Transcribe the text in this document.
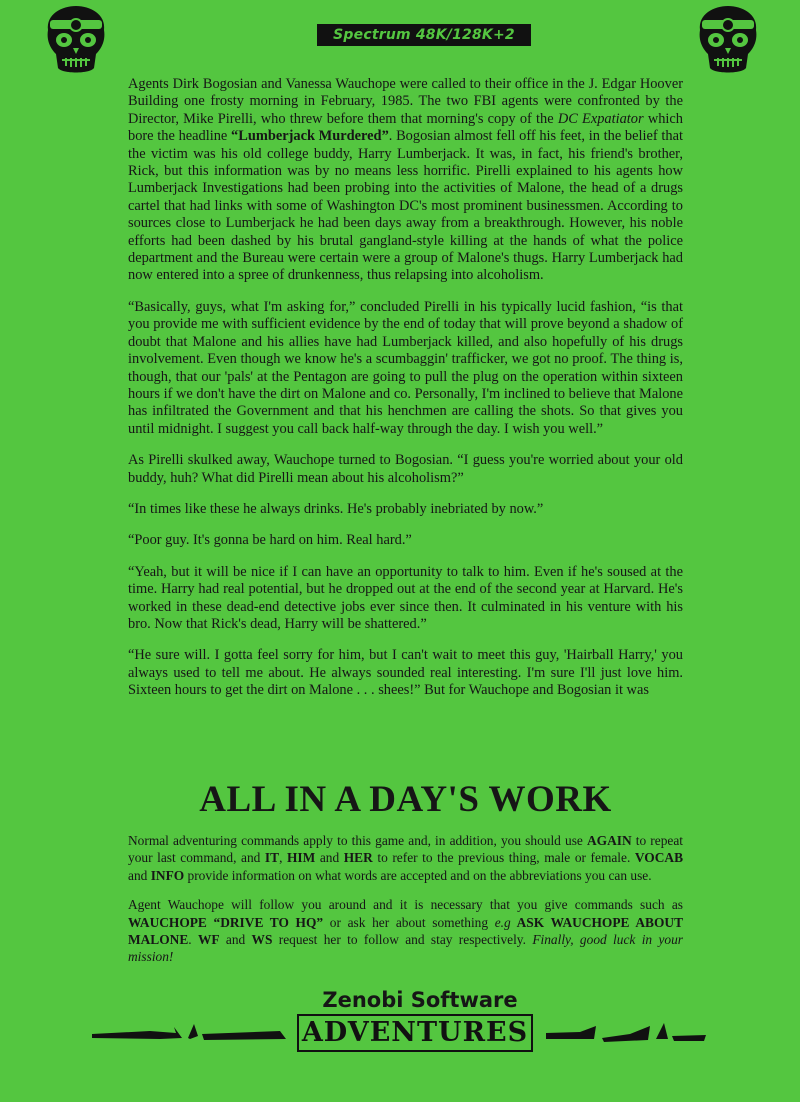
Spectrum 48K/128K+2

Agents Dirk Bogosian and Vanessa Wauchope were called to their office in the J. Edgar Hoover Building one frosty morning in February, 1985. The two FBI agents were confronted by the Director, Mike Pirelli, who threw before them that morning's copy of the DC Expatiator which bore the headline “Lumberjack Murdered”. Bogosian almost fell off his feet, in the belief that the victim was his old college buddy, Harry Lumberjack. It was, in fact, his friend's brother, Rick, but this information was by no means less horrific. Pirelli explained to his agents how Lumberjack Investigations had been probing into the activities of Malone, the head of a drugs cartel that had links with some of Washington DC's most prominent businessmen. According to sources close to Lumberjack he had been days away from a breakthrough. However, his noble efforts had been dashed by his brutal gangland-style killing at the hands of what the police department and the Bureau were certain were a group of Malone's thugs. Harry Lumberjack had now entered into a spree of drunkenness, thus relapsing into alcoholism.

“Basically, guys, what I'm asking for,” concluded Pirelli in his typically lucid fashion, “is that you provide me with sufficient evidence by the end of today that will prove beyond a shadow of doubt that Malone and his allies have had Lumberjack killed, and also hopefully of his drugs involvement. Even though we know he's a scumbaggin' trafficker, we got no proof. The thing is, though, that our 'pals' at the Pentagon are going to pull the plug on the operation within sixteen hours if we don't have the dirt on Malone and co. Personally, I'm inclined to believe that Malone has infiltrated the Government and that his henchmen are calling the shots. So that gives you until midnight. I suggest you call back half-way through the day. I wish you well.”

As Pirelli skulked away, Wauchope turned to Bogosian. “I guess you're worried about your old buddy, huh? What did Pirelli mean about his alcoholism?”

“In times like these he always drinks. He's probably inebriated by now.”

“Poor guy. It's gonna be hard on him. Real hard.”

“Yeah, but it will be nice if I can have an opportunity to talk to him. Even if he's soused at the time. Harry had real potential, but he dropped out at the end of the second year at Harvard. He's worked in these dead-end detective jobs ever since then. It culminated in his venture with his bro. Now that Rick's dead, Harry will be shattered.”

“He sure will. I gotta feel sorry for him, but I can't wait to meet this guy, 'Hairball Harry,' you always used to tell me about. He always sounded real interesting. I'm sure I'll just love him. Sixteen hours to get the dirt on Malone . . . shees!” But for Wauchope and Bogosian it was

ALL IN A DAY'S WORK

Normal adventuring commands apply to this game and, in addition, you should use AGAIN to repeat your last command, and IT, HIM and HER to refer to the previous thing, male or female. VOCAB and INFO provide information on what words are accepted and on the abbreviations you can use.

Agent Wauchope will follow you around and it is necessary that you give commands such as WAUCHOPE “DRIVE TO HQ” or ask her about something e.g ASK WAUCHOPE ABOUT MALONE. WF and WS request her to follow and stay respectively. Finally, good luck in your mission!

Zenobi Software
ADVENTURES
